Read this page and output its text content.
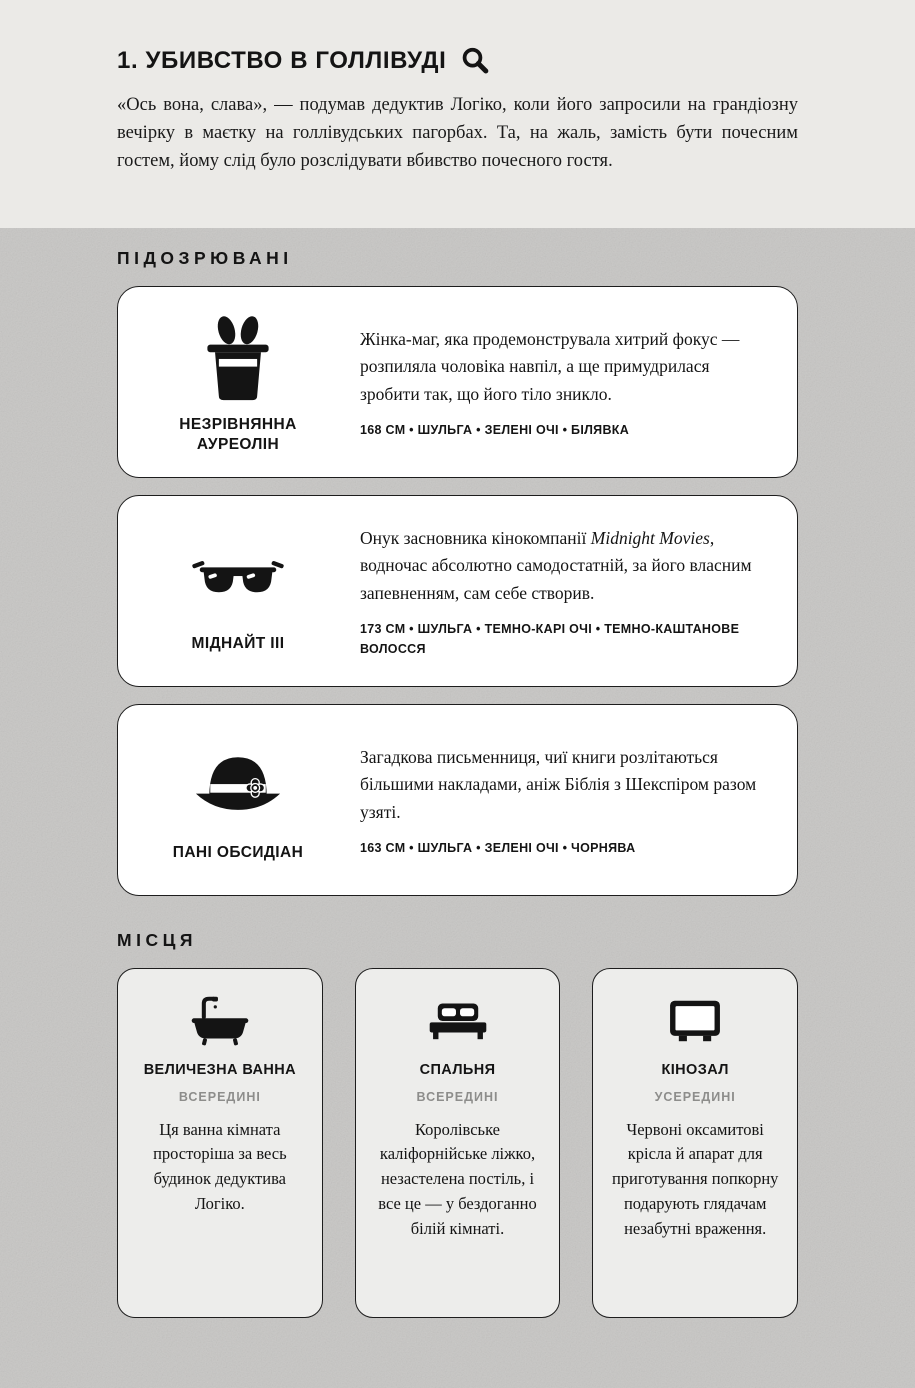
1. УБИВСТВО В ГОЛЛІВУДІ

«Ось вона, слава», — подумав дедуктив Логіко, коли його запросили на грандіозну вечірку в маєтку на голлівудських пагорбах. Та, на жаль, замість бути почесним гостем, йому слід було розслідувати вбивство почесного гостя.

ПІДОЗРЮВАНІ
НЕЗРІВНЯННА АУРЕОЛІН

Жінка-маг, яка продемонструвала хитрий фокус — розпиляла чоловіка навпіл, а ще примудрилася зробити так, що його тіло зникло.

168 СМ • ШУЛЬГА • ЗЕЛЕНІ ОЧІ • БІЛЯВКА

МІДНАЙТ III

Онук засновника кінокомпанії Midnight Movies, водночас абсолютно самодостатній, за його власним запевненням, сам себе створив.

173 СМ • ШУЛЬГА • ТЕМНО-КАРІ ОЧІ • ТЕМНО-КАШТАНОВЕ ВОЛОССЯ

ПАНІ ОБСИДІАН

Загадкова письменниця, чиї книги розлітаються більшими накладами, аніж Біблія з Шекспіром разом узяті.

163 СМ • ШУЛЬГА • ЗЕЛЕНІ ОЧІ • ЧОРНЯВА

МІСЦЯ
ВЕЛИЧЕЗНА ВАННА
ВСЕРЕДИНІ

Ця ванна кімната просторіша за весь будинок дедуктива Логіко.

СПАЛЬНЯ
ВСЕРЕДИНІ

Королівське каліфорнійське ліжко, незастелена постіль, і все це — у бездоганно білій кімнаті.

КІНОЗАЛ
УСЕРЕДИНІ

Червоні оксамитові крісла й апарат для приготування попкорну подарують глядачам незабутні враження.
